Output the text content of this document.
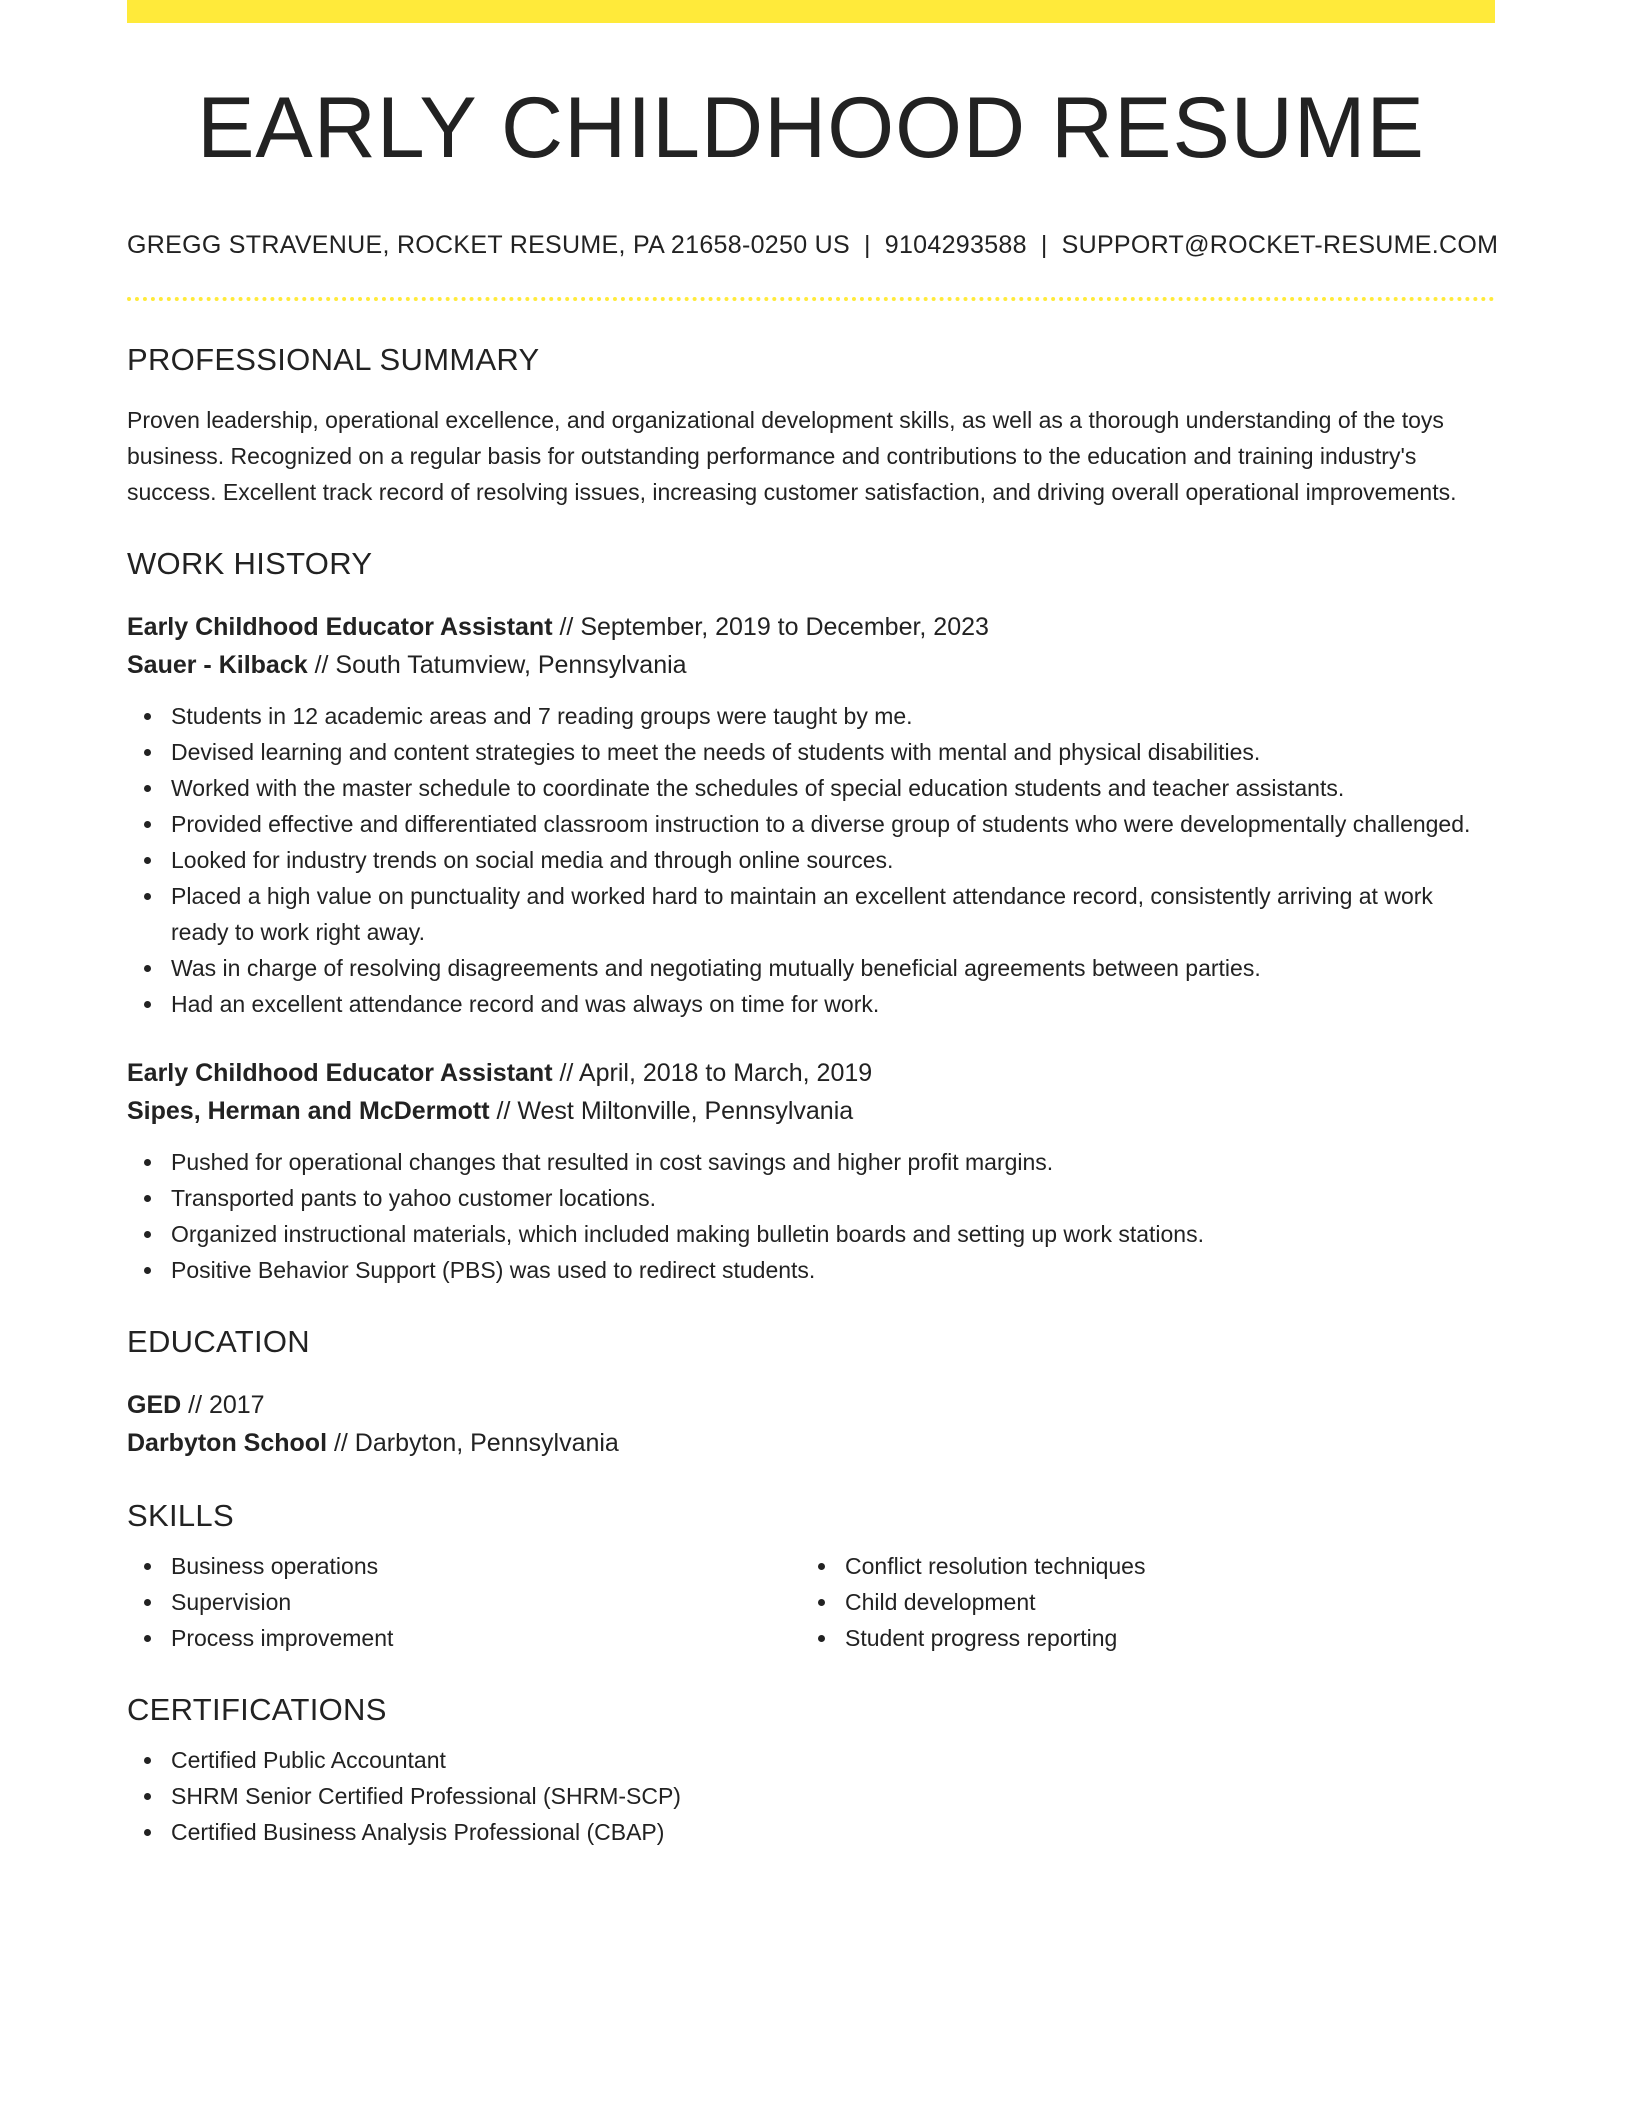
EARLY CHILDHOOD RESUME
GREGG STRAVENUE, ROCKET RESUME, PA 21658-0250 US | 9104293588 | SUPPORT@ROCKET-RESUME.COM
PROFESSIONAL SUMMARY

Proven leadership, operational excellence, and organizational development skills, as well as a thorough understanding of the toys business. Recognized on a regular basis for outstanding performance and contributions to the education and training industry's success. Excellent track record of resolving issues, increasing customer satisfaction, and driving overall operational improvements.

WORK HISTORY
Early Childhood Educator Assistant // September, 2019 to December, 2023
Sauer - Kilback // South Tatumview, Pennsylvania
Students in 12 academic areas and 7 reading groups were taught by me.
Devised learning and content strategies to meet the needs of students with mental and physical disabilities.
Worked with the master schedule to coordinate the schedules of special education students and teacher assistants.
Provided effective and differentiated classroom instruction to a diverse group of students who were developmentally challenged.
Looked for industry trends on social media and through online sources.
Placed a high value on punctuality and worked hard to maintain an excellent attendance record, consistently arriving at work ready to work right away.
Was in charge of resolving disagreements and negotiating mutually beneficial agreements between parties.
Had an excellent attendance record and was always on time for work.
Early Childhood Educator Assistant // April, 2018 to March, 2019
Sipes, Herman and McDermott // West Miltonville, Pennsylvania
Pushed for operational changes that resulted in cost savings and higher profit margins.
Transported pants to yahoo customer locations.
Organized instructional materials, which included making bulletin boards and setting up work stations.
Positive Behavior Support (PBS) was used to redirect students.
EDUCATION
GED // 2017
Darbyton School // Darbyton, Pennsylvania
SKILLS
Business operations
Supervision
Process improvement
Conflict resolution techniques
Child development
Student progress reporting
CERTIFICATIONS
Certified Public Accountant
SHRM Senior Certified Professional (SHRM-SCP)
Certified Business Analysis Professional (CBAP)
